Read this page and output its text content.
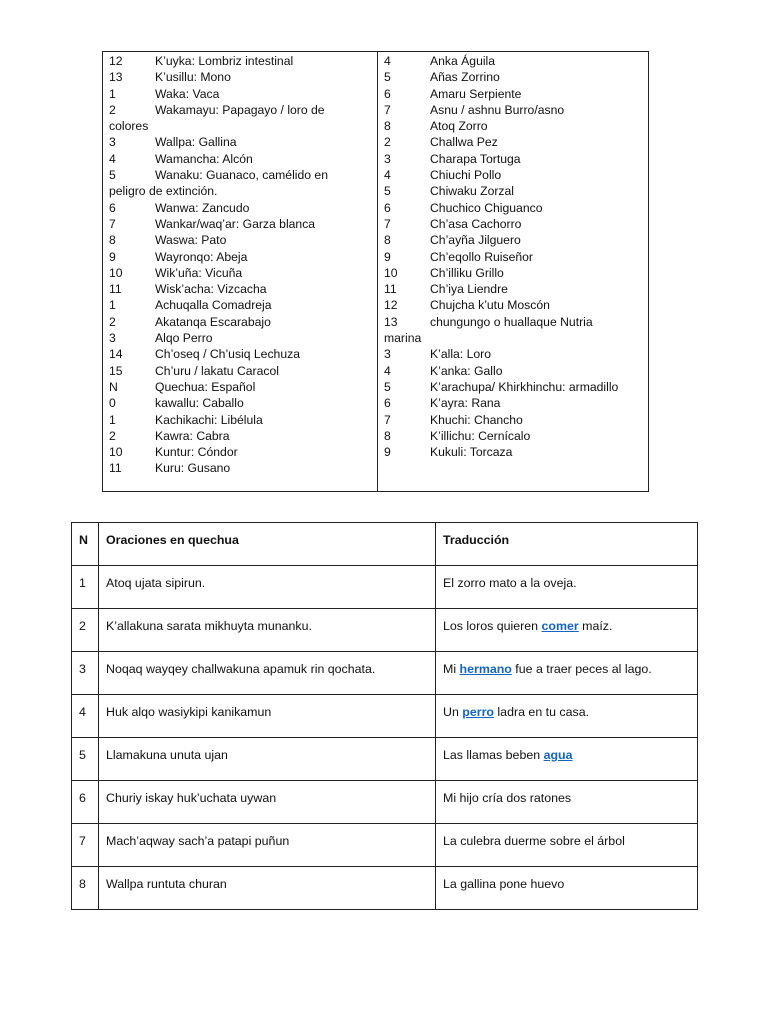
12	K’uyka: Lombriz intestinal
13	K’usillu: Mono
1	Waka: Vaca
2	Wakamayu: Papagayo / loro de
colores
3	Wallpa: Gallina
4	Wamancha: Alcón
5	Wanaku: Guanaco, camélido en
peligro de extinción.
6	Wanwa: Zancudo
7	Wankar/waq’ar: Garza blanca
8	Waswa: Pato
9	Wayronqo: Abeja
10	Wik’uña: Vicuña
11	Wisk’acha: Vizcacha
1	Achuqalla Comadreja
2	Akatanqa Escarabajo
3	Alqo Perro
14	Ch’oseq / Ch’usiq Lechuza
15	Ch’uru / lakatu Caracol
N	Quechua: Español
0	kawallu: Caballo
1	Kachikachi: Libélula
2	Kawra: Cabra
10	Kuntur: Cóndor
11	Kuru: Gusano
4	Anka Águila
5	Añas Zorrino
6	Amaru Serpiente
7	Asnu / ashnu Burro/asno
8	Atoq Zorro
2	Challwa Pez
3	Charapa Tortuga
4	Chiuchi Pollo
5	Chiwaku Zorzal
6	Chuchico Chiguanco
7	Ch’asa Cachorro
8	Ch’ayña Jilguero
9	Ch’eqollo Ruiseñor
10	Ch’illiku Grillo
11	Ch’iya Liendre
12	Chujcha k’utu Moscón
13	chungungo o huallaque Nutria
marina
3	K’alla: Loro
4	K’anka: Gallo
5	K’arachupa/ Khirkhinchu: armadillo
6	K’ayra: Rana
7	Khuchi: Chancho
8	K’illichu: Cernícalo
9	Kukuli: Torcaza
N	Oraciones en quechua	Traducción
1	Atoq ujata sipirun.	El zorro mato a la oveja.
2	K’allakuna sarata mikhuyta munanku.	Los loros quieren comer maíz.
3	Noqaq wayqey challwakuna apamuk rin qochata.	Mi hermano fue a traer peces al lago.
4	Huk alqo wasiykipi kanikamun	Un perro ladra en tu casa.
5	Llamakuna unuta ujan	Las llamas beben agua
6	Churiy iskay huk’uchata uywan	Mi hijo cría dos ratones
7	Mach’aqway sach’a patapi puñun	La culebra duerme sobre el árbol
8	Wallpa runtuta churan	La gallina pone huevo
